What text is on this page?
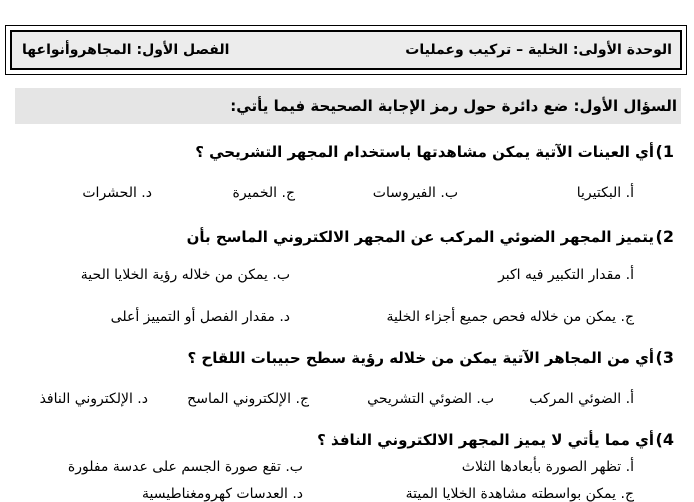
الوحدة الأولى: الخلية – تركيب وعمليات
الفصل الأول: المجاهروأنواعها
السؤال الأول: ضع دائرة حول رمز الإجابة الصحيحة فيما يأتي:
1)
أي العينات الآتية يمكن مشاهدتها باستخدام المجهر التشريحي ؟
أ. البكتيريا
ب. الفيروسات
ج. الخميرة
د. الحشرات
2)
يتميز المجهر الضوئي المركب عن المجهر الالكتروني الماسح بأن
أ. مقدار التكبير فيه اكبر
ب. يمكن من خلاله رؤية الخلايا الحية
ج. يمكن من خلاله فحص جميع أجزاء الخلية
د. مقدار الفصل أو التمييز أعلى
3)
أي من المجاهر الآتية يمكن من خلاله رؤية سطح حبيبات اللقاح ؟
أ. الضوئي المركب
ب. الضوئي التشريحي
ج. الإلكتروني الماسح
د. الإلكتروني النافذ
4)
أي مما يأتي لا يميز المجهر الالكتروني النافذ ؟
أ. تظهر الصورة بأبعادها الثلاث
ب. تقع صورة الجسم على عدسة مفلورة
ج. يمكن بواسطته مشاهدة الخلايا الميتة
د. العدسات كهرومغناطيسية
